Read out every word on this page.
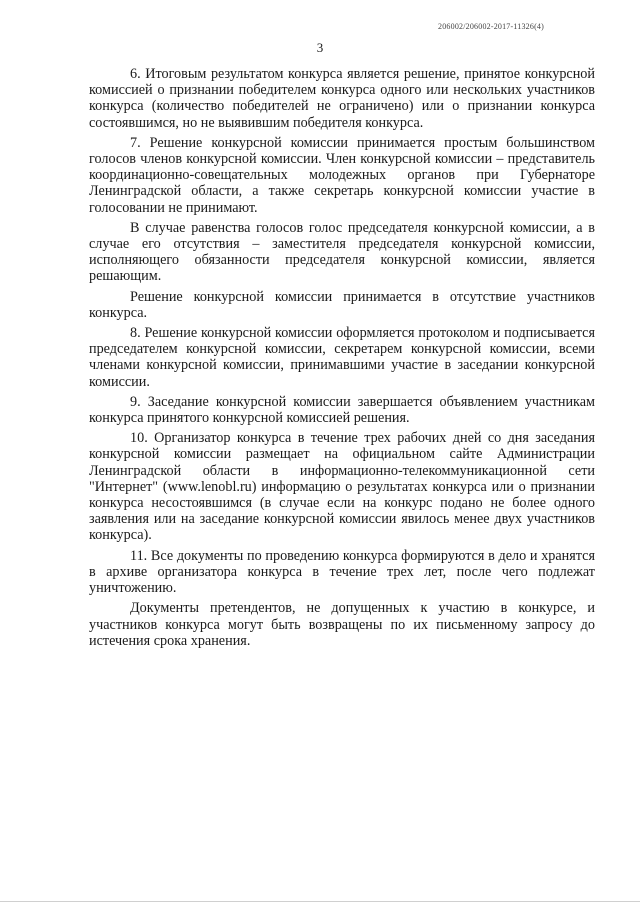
206002/206002-2017-11326(4)
3

6. Итоговым результатом конкурса является решение, принятое конкурсной комиссией о признании победителем конкурса одного или нескольких участников конкурса (количество победителей не ограничено) или о признании конкурса состоявшимся, но не выявившим победителя конкурса.

7. Решение конкурсной комиссии принимается простым большинством голосов членов конкурсной комиссии. Член конкурсной комиссии – представитель координационно-совещательных молодежных органов при Губернаторе Ленинградской области, а также секретарь конкурсной комиссии участие в голосовании не принимают.

В случае равенства голосов голос председателя конкурсной комиссии, а в случае его отсутствия – заместителя председателя конкурсной комиссии, исполняющего обязанности председателя конкурсной комиссии, является решающим.

Решение конкурсной комиссии принимается в отсутствие участников конкурса.

8. Решение конкурсной комиссии оформляется протоколом и подписывается председателем конкурсной комиссии, секретарем конкурсной комиссии, всеми членами конкурсной комиссии, принимавшими участие в заседании конкурсной комиссии.

9. Заседание конкурсной комиссии завершается объявлением участникам конкурса принятого конкурсной комиссией решения.

10. Организатор конкурса в течение трех рабочих дней со дня заседания конкурсной комиссии размещает на официальном сайте Администрации Ленинградской области в информационно-телекоммуникационной сети "Интернет" (www.lenobl.ru) информацию о результатах конкурса или о признании конкурса несостоявшимся (в случае если на конкурс подано не более одного заявления или на заседание конкурсной комиссии явилось менее двух участников конкурса).

11. Все документы по проведению конкурса формируются в дело и хранятся в архиве организатора конкурса в течение трех лет, после чего подлежат уничтожению.

Документы претендентов, не допущенных к участию в конкурсе, и участников конкурса могут быть возвращены по их письменному запросу до истечения срока хранения.
